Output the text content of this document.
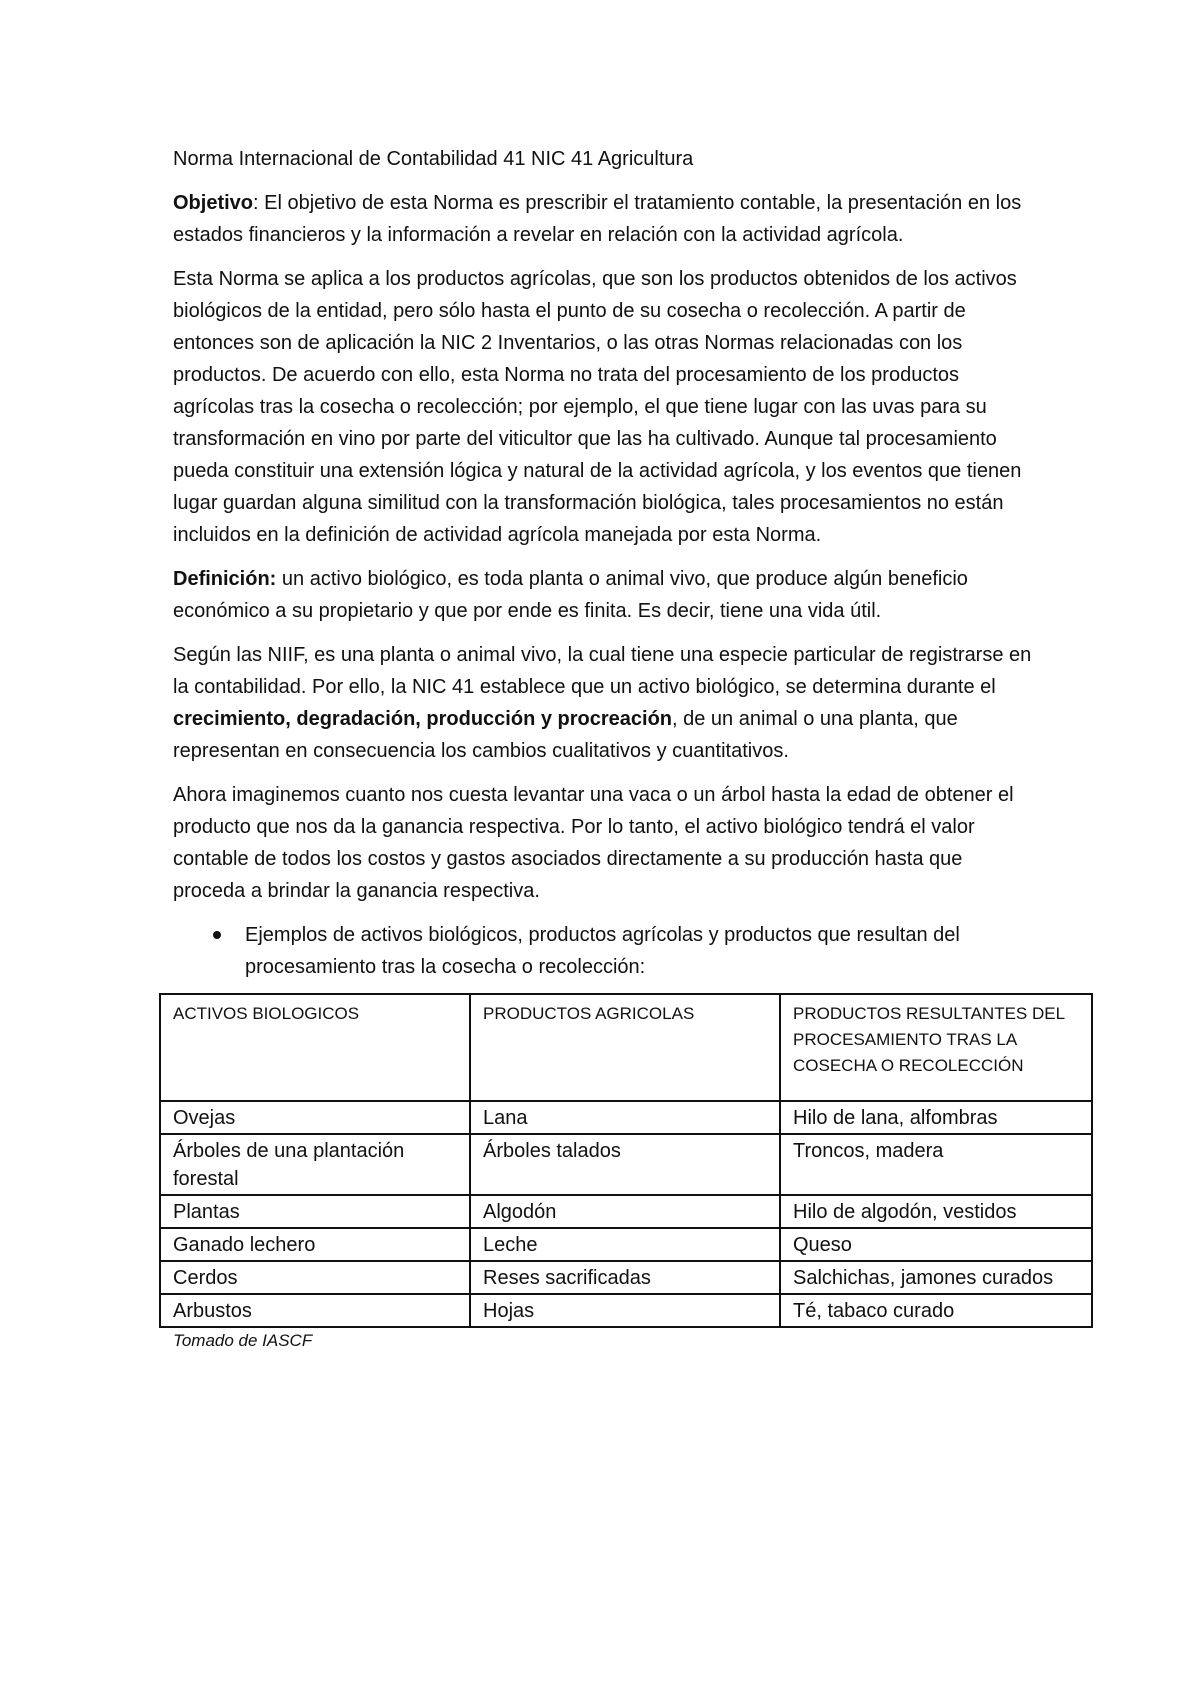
Norma Internacional de Contabilidad 41 NIC 41 Agricultura

Objetivo: El objetivo de esta Norma es prescribir el tratamiento contable, la presentación en los estados financieros y la información a revelar en relación con la actividad agrícola.

Esta Norma se aplica a los productos agrícolas, que son los productos obtenidos de los activos biológicos de la entidad, pero sólo hasta el punto de su cosecha o recolección. A partir de entonces son de aplicación la NIC 2 Inventarios, o las otras Normas relacionadas con los productos. De acuerdo con ello, esta Norma no trata del procesamiento de los productos agrícolas tras la cosecha o recolección; por ejemplo, el que tiene lugar con las uvas para su transformación en vino por parte del viticultor que las ha cultivado. Aunque tal procesamiento pueda constituir una extensión lógica y natural de la actividad agrícola, y los eventos que tienen lugar guardan alguna similitud con la transformación biológica, tales procesamientos no están incluidos en la definición de actividad agrícola manejada por esta Norma.

Definición: un activo biológico, es toda planta o animal vivo, que produce algún beneficio económico a su propietario y que por ende es finita. Es decir, tiene una vida útil.

Según las NIIF, es una planta o animal vivo, la cual tiene una especie particular de registrarse en la contabilidad. Por ello, la NIC 41 establece que un activo biológico, se determina durante el crecimiento, degradación, producción y procreación, de un animal o una planta, que representan en consecuencia los cambios cualitativos y cuantitativos.

Ahora imaginemos cuanto nos cuesta levantar una vaca o un árbol hasta la edad de obtener el producto que nos da la ganancia respectiva. Por lo tanto, el activo biológico tendrá el valor contable de todos los costos y gastos asociados directamente a su producción hasta que proceda a brindar la ganancia respectiva.

Ejemplos de activos biológicos, productos agrícolas y productos que resultan del procesamiento tras la cosecha o recolección:
ACTIVOS BIOLOGICOS	PRODUCTOS AGRICOLAS	PRODUCTOS RESULTANTES DEL PROCESAMIENTO TRAS LA COSECHA O RECOLECCIÓN
Ovejas	Lana	Hilo de lana, alfombras
Árboles de una plantación forestal	Árboles talados	Troncos, madera
Plantas	Algodón	Hilo de algodón, vestidos
Ganado lechero	Leche	Queso
Cerdos	Reses sacrificadas	Salchichas, jamones curados
Arbustos	Hojas	Té, tabaco curado

Tomado de IASCF
